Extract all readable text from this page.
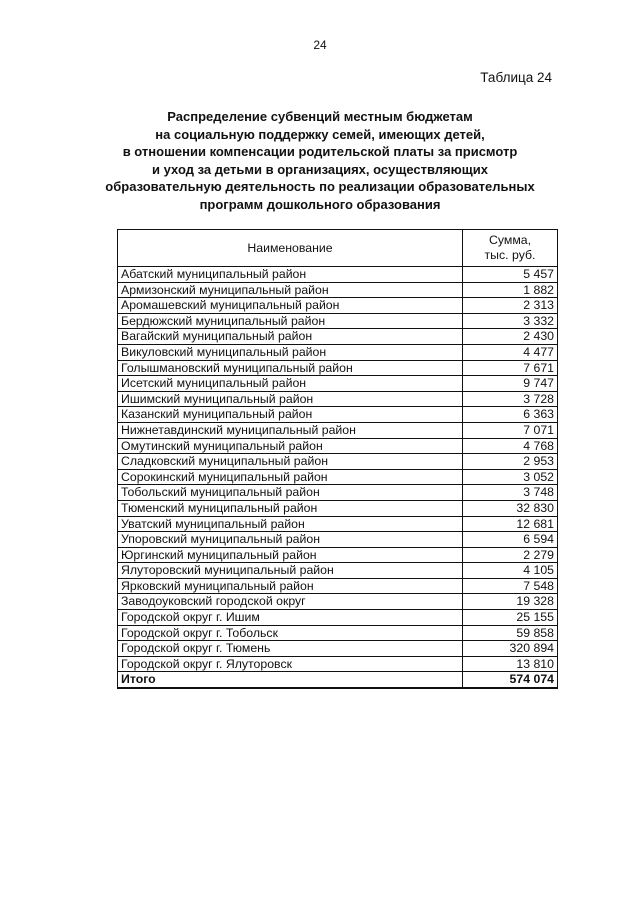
24
Таблица 24
Распределение субвенций местным бюджетам
на социальную поддержку семей, имеющих детей,
в отношении компенсации родительской платы за присмотр
и уход за детьми в организациях, осуществляющих
образовательную деятельность по реализации образовательных
программ дошкольного образования
Наименование	Сумма,
тыс. руб.

Абатский муниципальный район	5 457
Армизонский муниципальный район	1 882
Аромашевский муниципальный район	2 313
Бердюжский муниципальный район	3 332
Вагайский муниципальный район	2 430
Викуловский муниципальный район	4 477
Голышмановский муниципальный район	7 671
Исетский муниципальный район	9 747
Ишимский муниципальный район	3 728
Казанский муниципальный район	6 363
Нижнетавдинский муниципальный район	7 071
Омутинский муниципальный район	4 768
Сладковский муниципальный район	2 953
Сорокинский муниципальный район	3 052
Тобольский муниципальный район	3 748
Тюменский муниципальный район	32 830
Уватский муниципальный район	12 681
Упоровский муниципальный район	6 594
Юргинский муниципальный район	2 279
Ялуторовский муниципальный район	4 105
Ярковский муниципальный район	7 548
Заводоуковский городской округ	19 328
Городской округ г. Ишим	25 155
Городской округ г. Тобольск	59 858
Городской округ г. Тюмень	320 894
Городской округ г. Ялуторовск	13 810
Итого	574 074
